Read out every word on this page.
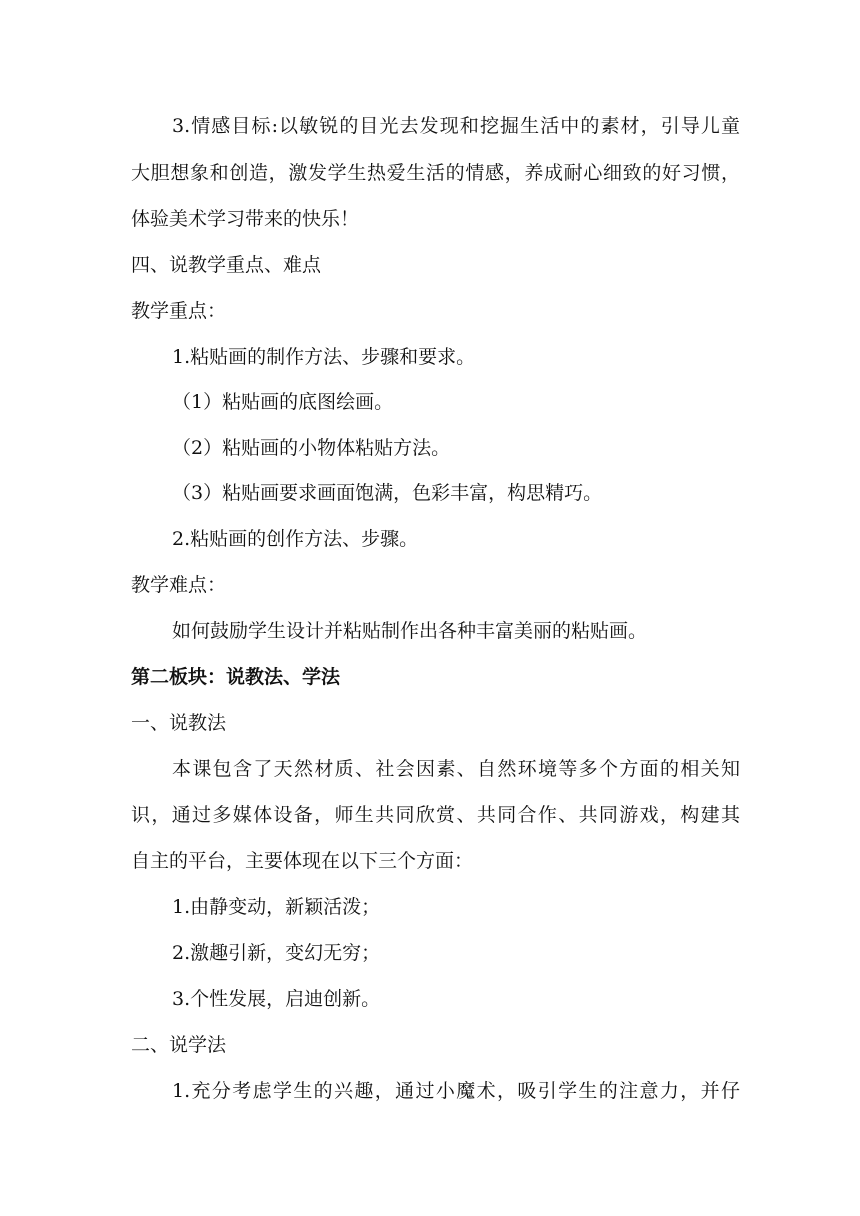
3.情感目标:以敏锐的目光去发现和挖掘生活中的素材，引导儿童
大胆想象和创造，激发学生热爱生活的情感，养成耐心细致的好习惯，
体验美术学习带来的快乐！
四、说教学重点、难点
教学重点：
1.粘贴画的制作方法、步骤和要求。
（1）粘贴画的底图绘画。
（2）粘贴画的小物体粘贴方法。
（3）粘贴画要求画面饱满，色彩丰富，构思精巧。
2.粘贴画的创作方法、步骤。
教学难点：
如何鼓励学生设计并粘贴制作出各种丰富美丽的粘贴画。
第二板块：说教法、学法
一、说教法
本课包含了天然材质、社会因素、自然环境等多个方面的相关知
识，通过多媒体设备，师生共同欣赏、共同合作、共同游戏，构建其
自主的平台，主要体现在以下三个方面：
1.由静变动，新颖活泼；
2.激趣引新，变幻无穷；
3.个性发展，启迪创新。
二、说学法
1.充分考虑学生的兴趣，通过小魔术，吸引学生的注意力，并仔
